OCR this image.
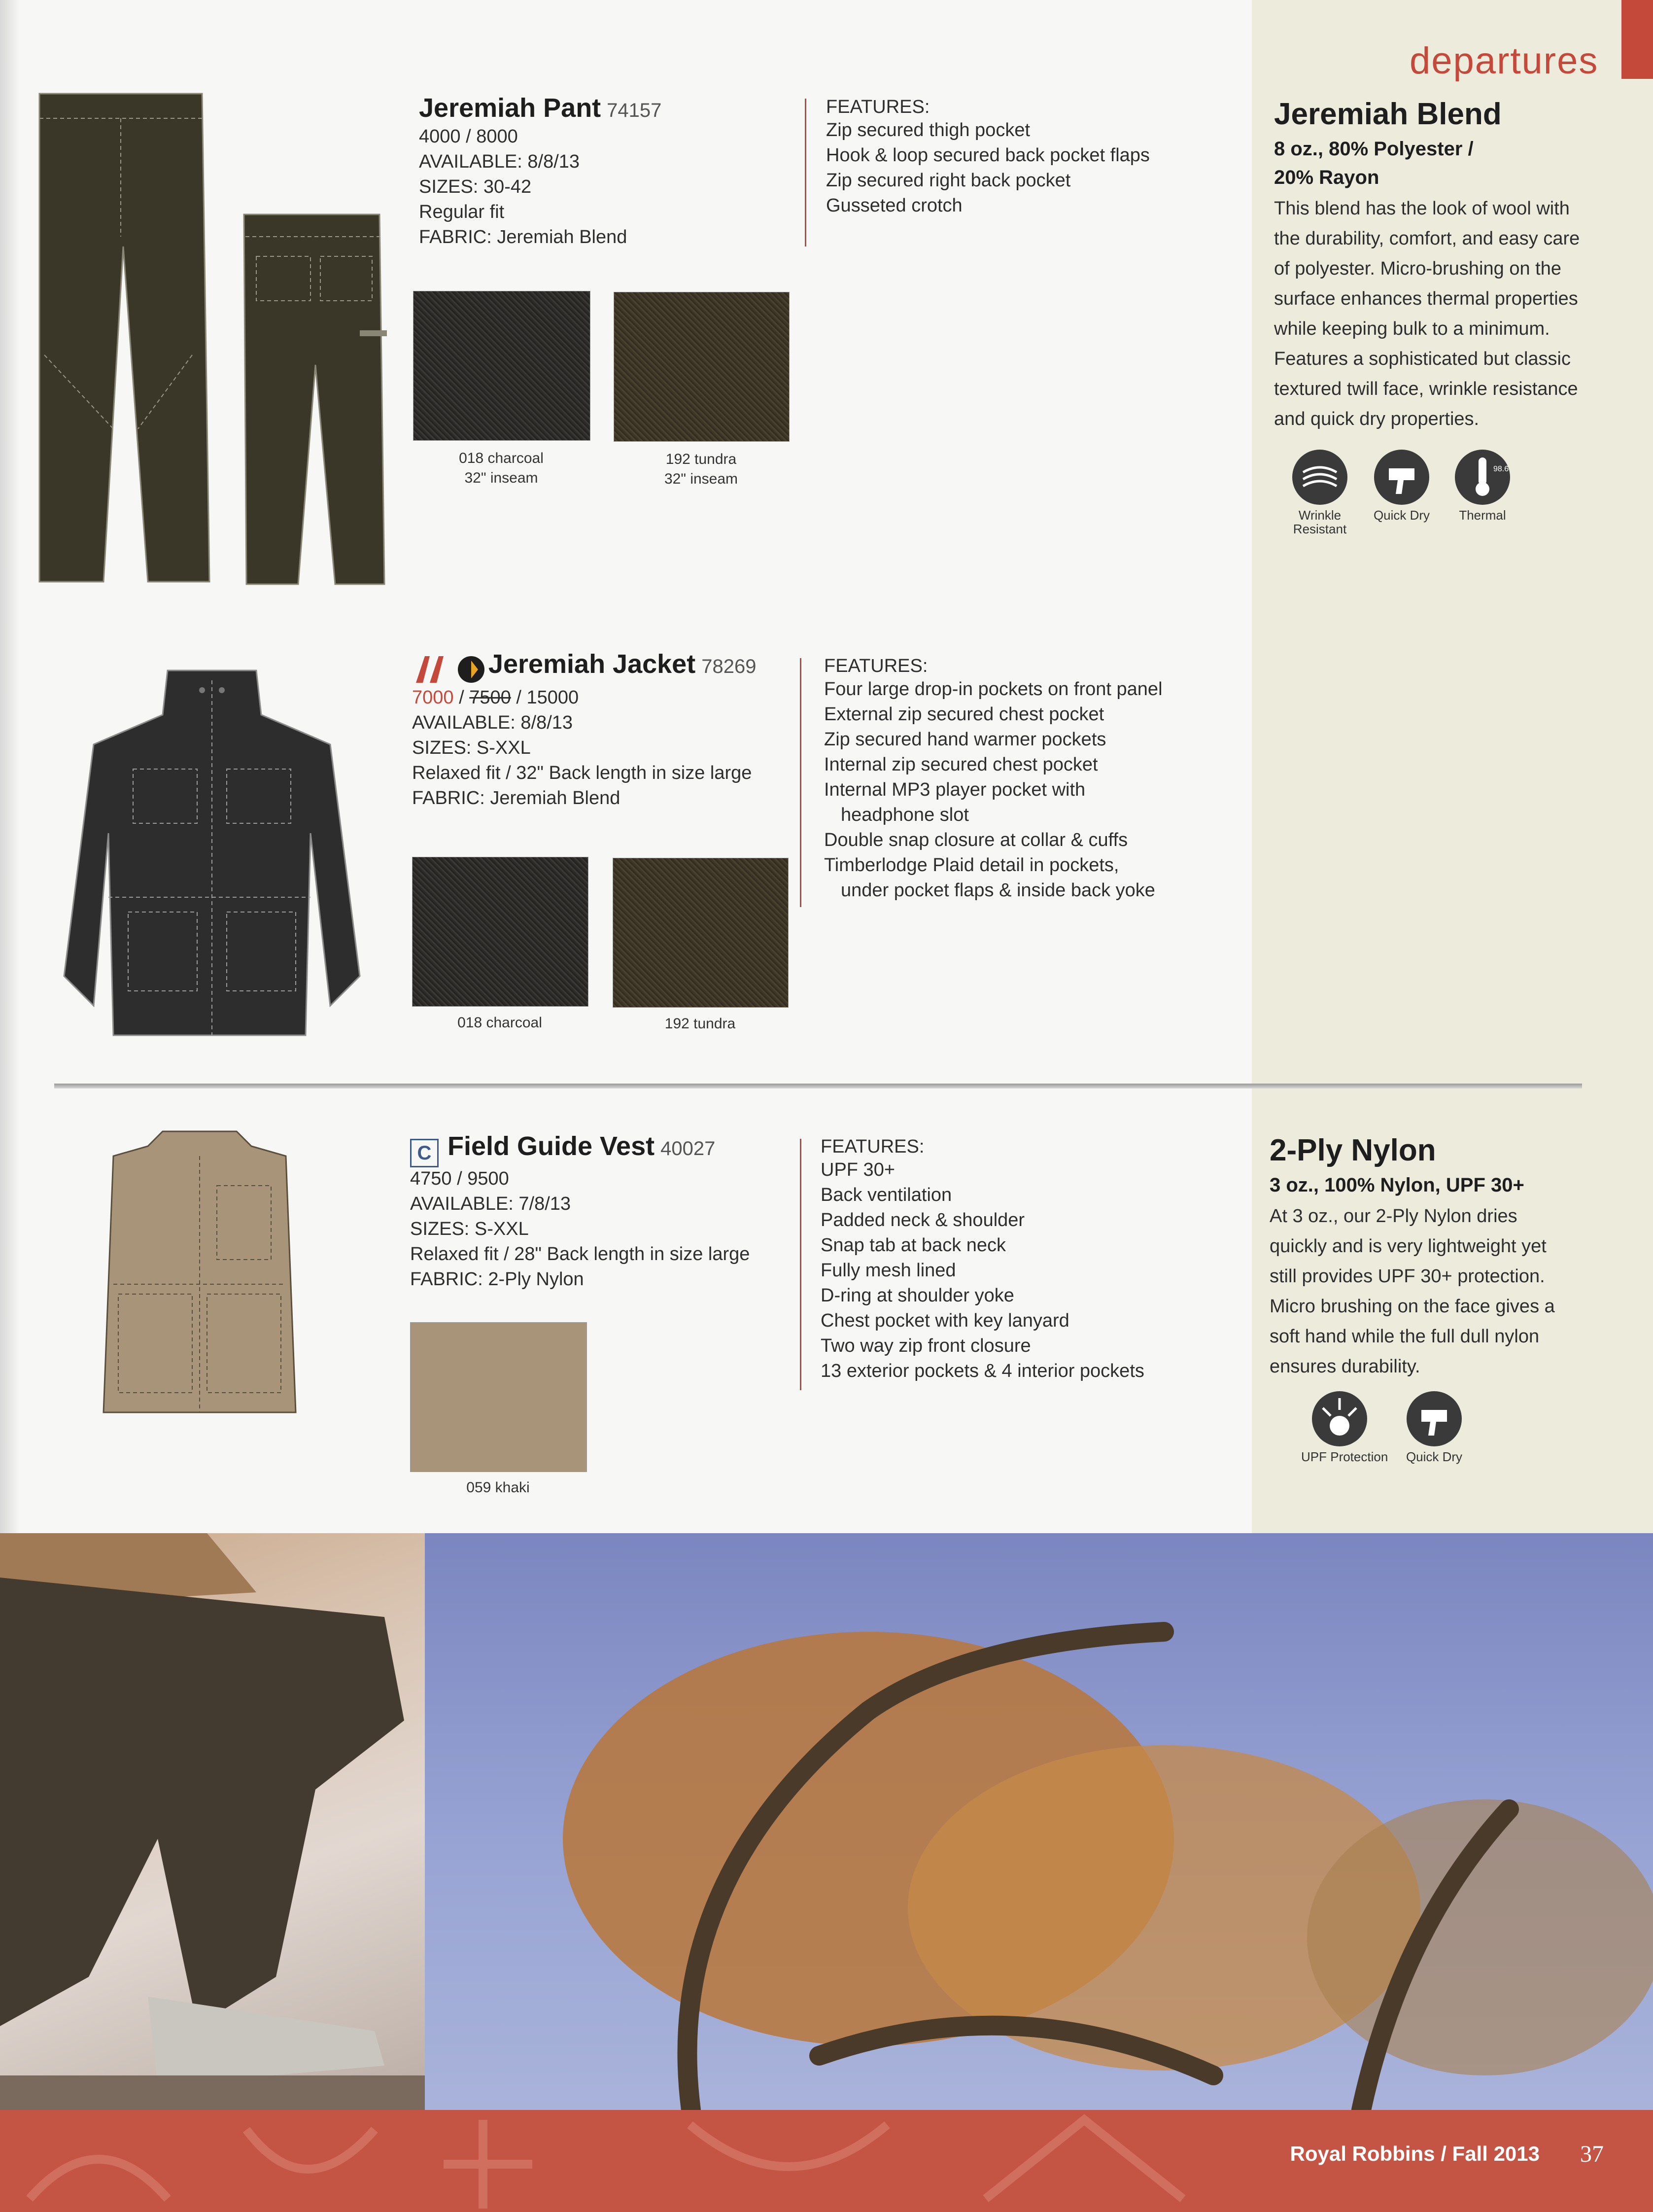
departures
Jeremiah Pant 74157
4000 / 8000
AVAILABLE: 8/8/13
SIZES: 30-42
Regular fit
FABRIC: Jeremiah Blend
FEATURES:
Zip secured thigh pocket
Hook & loop secured back pocket flaps
Zip secured right back pocket
Gusseted crotch
018 charcoal
32" inseam
192 tundra
32" inseam
Jeremiah Jacket 78269
7000 / 7500 / 15000
AVAILABLE: 8/8/13
SIZES: S-XXL
Relaxed fit / 32" Back length in size large
FABRIC: Jeremiah Blend
FEATURES:
Four large drop-in pockets on front panel
External zip secured chest pocket
Zip secured hand warmer pockets
Internal zip secured chest pocket
Internal MP3 player pocket with
headphone slot
Double snap closure at collar & cuffs
Timberlodge Plaid detail in pockets,
under pocket flaps & inside back yoke
018 charcoal	192 tundra
C Field Guide Vest 40027
4750 / 9500
AVAILABLE: 7/8/13
SIZES: S-XXL
Relaxed fit / 28" Back length in size large
FABRIC: 2-Ply Nylon
FEATURES:
UPF 30+
Back ventilation
Padded neck & shoulder
Snap tab at back neck
Fully mesh lined
D-ring at shoulder yoke
Chest pocket with key lanyard
Two way zip front closure
13 exterior pockets & 4 interior pockets
059 khaki
Jeremiah Blend
8 oz., 80% Polyester /
20% Rayon
This blend has the look of wool with
the durability, comfort, and easy care
of polyester. Micro-brushing on the
surface enhances thermal properties
while keeping bulk to a minimum.
Features a sophisticated but classic
textured twill face, wrinkle resistance
and quick dry properties.
Wrinkle
Resistant
Quick Dry
98.6
Thermal
2-Ply Nylon
3 oz., 100% Nylon, UPF 30+
At 3 oz., our 2-Ply Nylon dries
quickly and is very lightweight yet
still provides UPF 30+ protection.
Micro brushing on the face gives a
soft hand while the full dull nylon
ensures durability.
UPF Protection Quick Dry
Royal Robbins / Fall 2013 37
